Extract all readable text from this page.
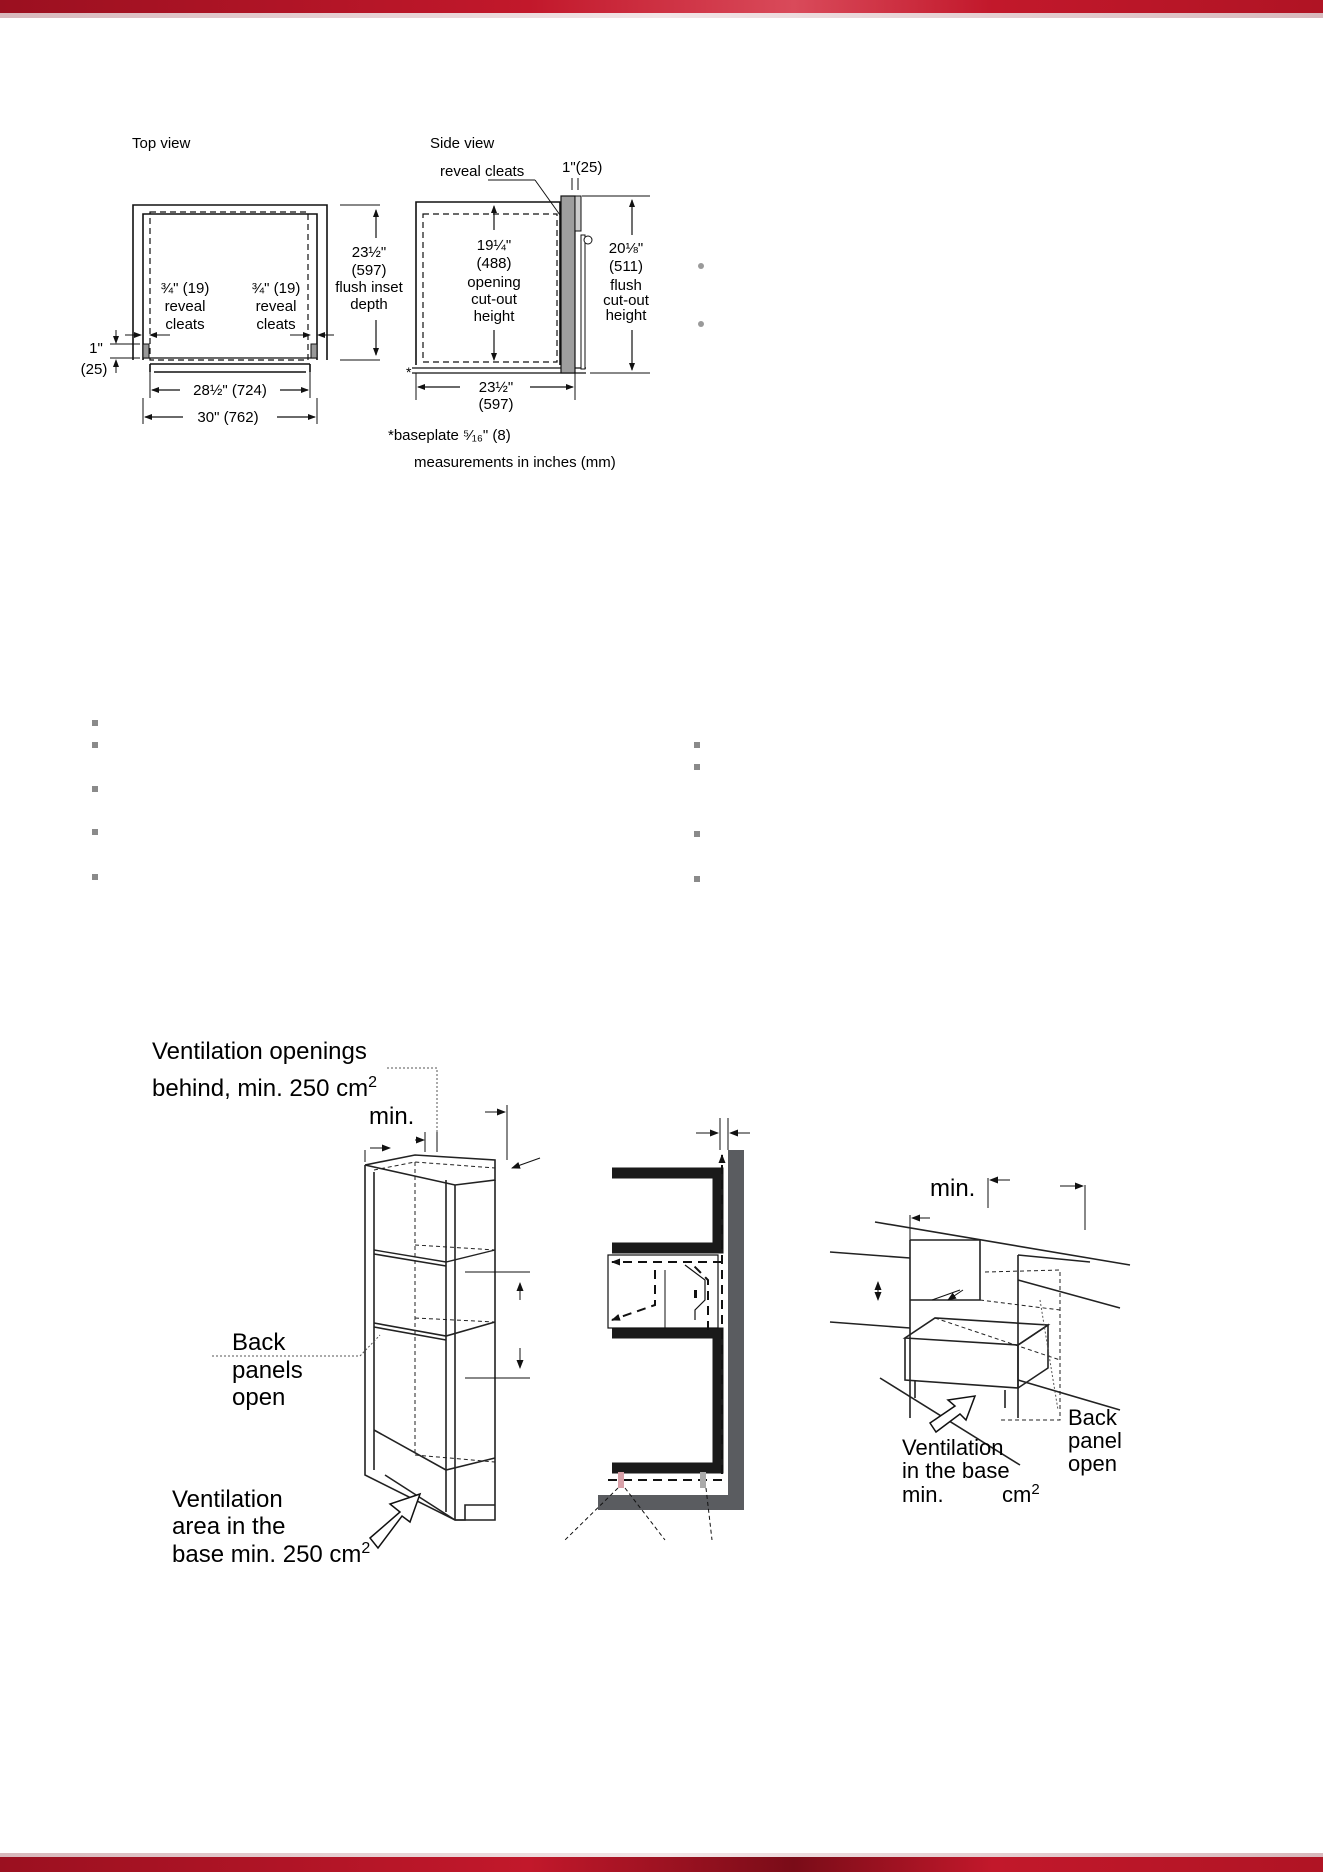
Top view
23½"
(597)
flush inset
depth
¾" (19)
reveal
cleats
¾" (19)
reveal
cleats
1"
(25)
28½" (724)
30" (762)
Side view
reveal cleats	1"(25)
19¼"
(488)
opening
cut-out
height
20⅛"
(511)
flush
cut-out
height
23½"
(597)
*
*baseplate ⁵⁄₁₆" (8)
measurements in inches (mm)
Ventilation openings
behind, min. 250 $cm^2$
min.
Back
panels
open
Ventilation
area in the
base min. 250 $cm^2$
min.
Back
panel
open
Ventilation
in the base
min.	$cm^2$
